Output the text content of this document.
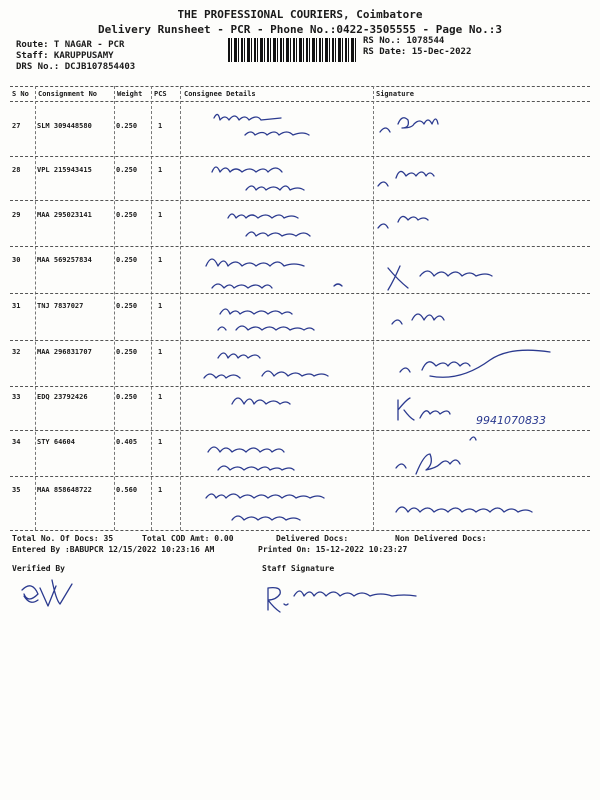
THE PROFESSIONAL COURIERS, Coimbatore
Delivery Runsheet - PCR - Phone No.:0422-3505555 - Page No.:3
Route: T NAGAR - PCR
Staff: KARUPPUSAMY
DRS No.: DCJB107854403
RS No.: 1078544
RS Date: 15-Dec-2022
S No Consignment No	Weight PCS Consignee Details	Signature
27 SLM 309448580	0.250	1
28 VPL 215943415	0.250	1
29 MAA 295023141	0.250	1
30 MAA 569257834	0.250	1
31 TNJ 7837027	0.250	1
32 MAA 296831707	0.250	1
33 EDQ 23792426	0.250	1
34 STY 64604	0.405	1
35 MAA 858648722	0.560	1
9941070833
Total No. Of Docs: 35	Total COD Amt: 0.00	Delivered Docs:	Non Delivered Docs:
Entered By :BABUPCR 12/15/2022 10:23:16 AM	Printed On: 15-12-2022 10:23:27
Verified By	Staff Signature
